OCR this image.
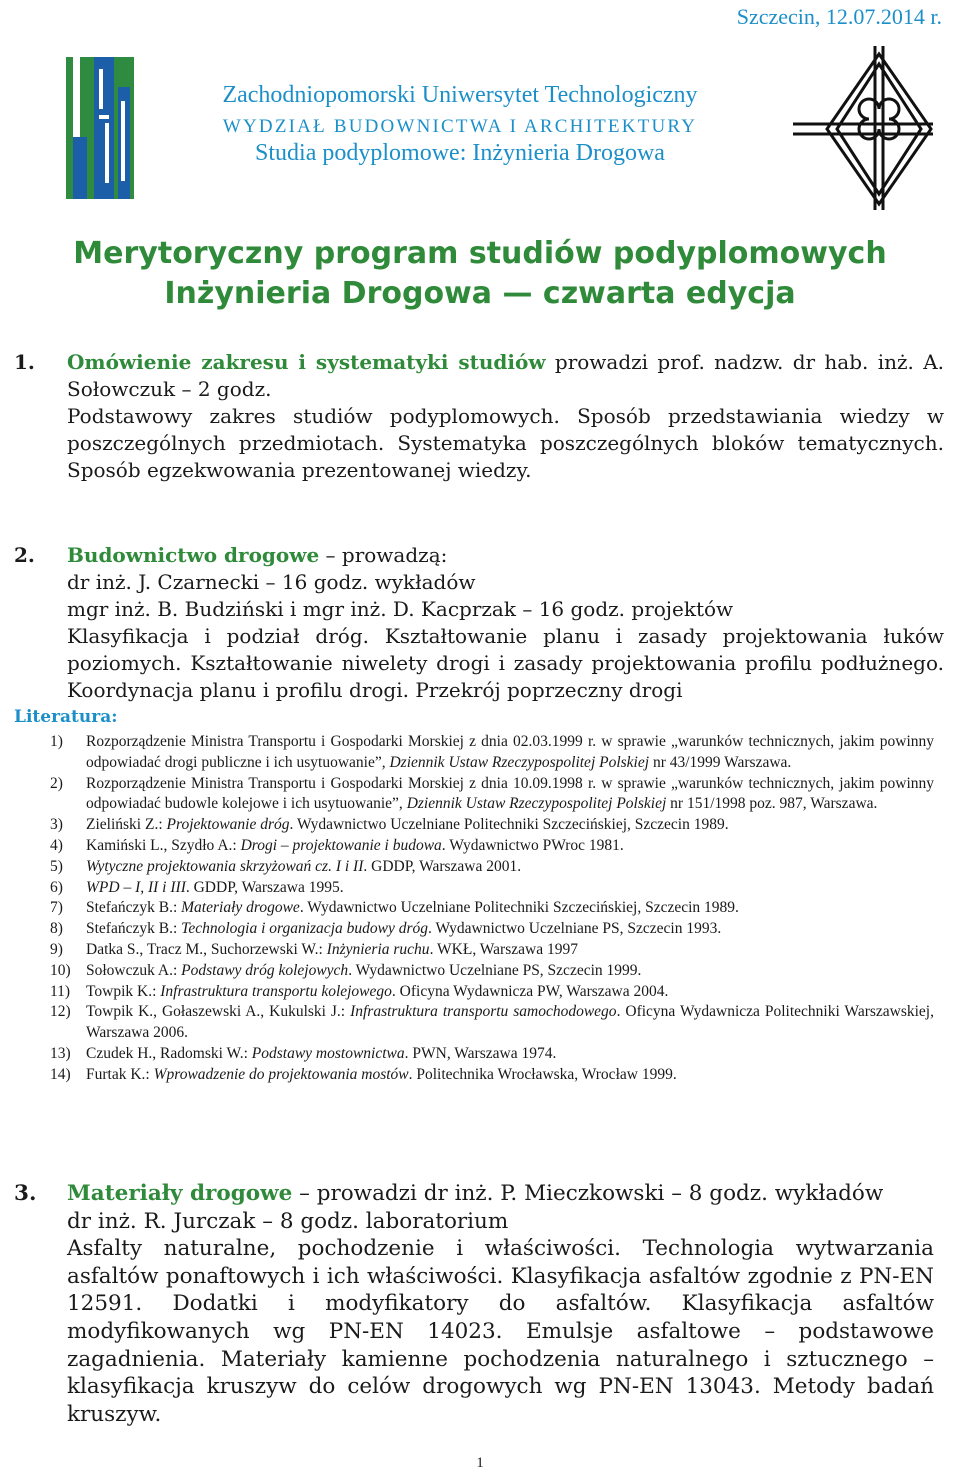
Szczecin, 12.07.2014 r.
Zachodniopomorski Uniwersytet Technologiczny
WYDZIAŁ BUDOWNICTWA I ARCHITEKTURY
Studia podyplomowe: Inżynieria Drogowa
Merytoryczny program studiów podyplomowych
Inżynieria Drogowa — czwarta edycja
1. Omówienie zakresu i systematyki studiów prowadzi prof. nadzw. dr hab. inż. A. Sołowczuk – 2 godz.
Podstawowy zakres studiów podyplomowych. Sposób przedstawiania wiedzy w poszczególnych przedmiotach. Systematyka poszczególnych bloków tematycznych. Sposób egzekwowania prezentowanej wiedzy.
2. Budownictwo drogowe – prowadzą:
dr inż. J. Czarnecki – 16 godz. wykładów
mgr inż. B. Budziński i mgr inż. D. Kacprzak – 16 godz. projektów
Klasyfikacja i podział dróg. Kształtowanie planu i zasady projektowania łuków poziomych. Kształtowanie niwelety drogi i zasady projektowania profilu podłużnego. Koordynacja planu i profilu drogi. Przekrój poprzeczny drogi
Literatura:
1) Rozporządzenie Ministra Transportu i Gospodarki Morskiej z dnia 02.03.1999 r. w sprawie „warunków technicznych, jakim powinny odpowiadać drogi publiczne i ich usytuowanie”, Dziennik Ustaw Rzeczypospolitej Polskiej nr 43/1999 Warszawa.
2) Rozporządzenie Ministra Transportu i Gospodarki Morskiej z dnia 10.09.1998 r. w sprawie „warunków technicznych, jakim powinny odpowiadać budowle kolejowe i ich usytuowanie”, Dziennik Ustaw Rzeczypospolitej Polskiej nr 151/1998 poz. 987, Warszawa.
3) Zieliński Z.: Projektowanie dróg. Wydawnictwo Uczelniane Politechniki Szczecińskiej, Szczecin 1989.
4) Kamiński L., Szydło A.: Drogi – projektowanie i budowa. Wydawnictwo PWroc 1981.
5) Wytyczne projektowania skrzyżowań cz. I i II. GDDP, Warszawa 2001.
6) WPD – I, II i III. GDDP, Warszawa 1995.
7) Stefańczyk B.: Materiały drogowe. Wydawnictwo Uczelniane Politechniki Szczecińskiej, Szczecin 1989.
8) Stefańczyk B.: Technologia i organizacja budowy dróg. Wydawnictwo Uczelniane PS, Szczecin 1993.
9) Datka S., Tracz M., Suchorzewski W.: Inżynieria ruchu. WKŁ, Warszawa 1997
10) Sołowczuk A.: Podstawy dróg kolejowych. Wydawnictwo Uczelniane PS, Szczecin 1999.
11) Towpik K.: Infrastruktura transportu kolejowego. Oficyna Wydawnicza PW, Warszawa 2004.
12) Towpik K., Gołaszewski A., Kukulski J.: Infrastruktura transportu samochodowego. Oficyna Wydawnicza Politechniki Warszawskiej, Warszawa 2006.
13) Czudek H., Radomski W.: Podstawy mostownictwa. PWN, Warszawa 1974.
14) Furtak K.: Wprowadzenie do projektowania mostów. Politechnika Wrocławska, Wrocław 1999.
3. Materiały drogowe – prowadzi dr inż. P. Mieczkowski – 8 godz. wykładów
dr inż. R. Jurczak – 8 godz. laboratorium
Asfalty naturalne, pochodzenie i właściwości. Technologia wytwarzania asfaltów ponaftowych i ich właściwości. Klasyfikacja asfaltów zgodnie z PN-EN 12591. Dodatki i modyfikatory do asfaltów. Klasyfikacja asfaltów modyfikowanych wg PN-EN 14023. Emulsje asfaltowe – podstawowe zagadnienia. Materiały kamienne pochodzenia naturalnego i sztucznego – klasyfikacja kruszyw do celów drogowych wg PN-EN 13043. Metody badań kruszyw.
1
